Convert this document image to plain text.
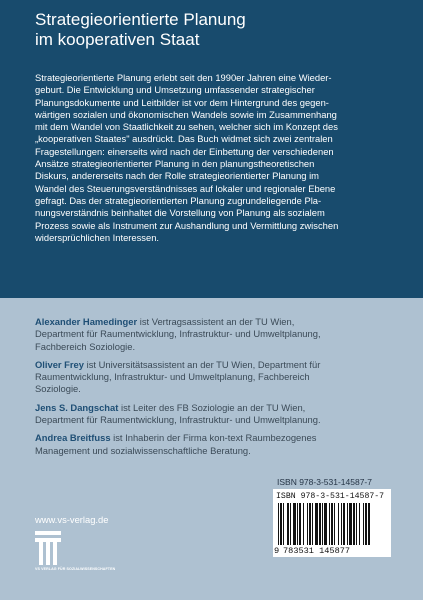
Strategieorientierte Planung
im kooperativen Staat
Strategieorientierte Planung erlebt seit den 1990er Jahren eine Wieder-
geburt. Die Entwicklung und Umsetzung umfassender strategischer
Planungsdokumente und Leitbilder ist vor dem Hintergrund des gegen-
wärtigen sozialen und ökonomischen Wandels sowie im Zusammenhang
mit dem Wandel von Staatlichkeit zu sehen, welcher sich im Konzept des
„kooperativen Staates" ausdrückt. Das Buch widmet sich zwei zentralen
Fragestellungen: einerseits wird nach der Einbettung der verschiedenen
Ansätze strategieorientierter Planung in den planungstheoretischen
Diskurs, andererseits nach der Rolle strategieorientierter Planung im
Wandel des Steuerungsverständnisses auf lokaler und regionaler Ebene
gefragt. Das der strategieorientierten Planung zugrundeliegende Pla-
nungsverständnis beinhaltet die Vorstellung von Planung als sozialem
Prozess sowie als Instrument zur Aushandlung und Vermittlung zwischen
widersprüchlichen Interessen.
Alexander Hamedinger ist Vertragsassistent an der TU Wien,
Department für Raumentwicklung, Infrastruktur- und Umweltplanung,
Fachbereich Soziologie.
Oliver Frey ist Universitätsassistent an der TU Wien, Department für
Raumentwicklung, Infrastruktur- und Umweltplanung, Fachbereich
Soziologie.
Jens S. Dangschat ist Leiter des FB Soziologie an der TU Wien,
Department für Raumentwicklung, Infrastruktur- und Umweltplanung.
Andrea Breitfuss ist Inhaberin der Firma kon-text Raumbezogenes
Management und sozialwissenschaftliche Beratung.
ISBN 978-3-531-14587-7
www.vs-verlag.de
ISBN 978-3-531-14587-7
9 783531 145877
VS VERLAG FÜR SOZIALWISSENSCHAFTEN
